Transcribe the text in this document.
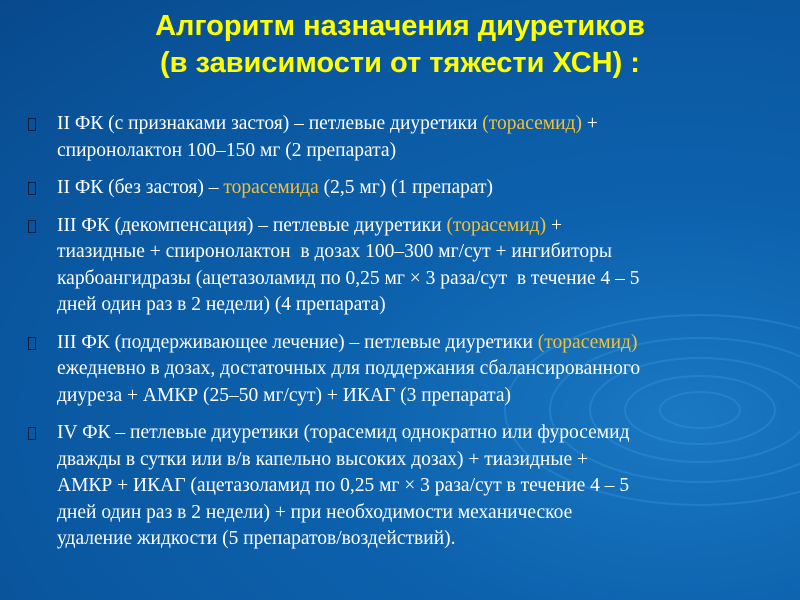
Алгоритм назначения диуретиков
(в зависимости от тяжести ХСН) :
II ФК (с признаками застоя) – петлевые диуретики (торасемид) +
спиронолактон 100–150 мг (2 препарата)
II ФК (без застоя) – торасемида (2,5 мг) (1 препарат)
III ФК (декомпенсация) – петлевые диуретики (торасемид) +
тиазидные + спиронолактон  в дозах 100–300 мг/сут + ингибиторы
карбоангидразы (ацетазоламид по 0,25 мг × 3 раза/сут  в течение 4 – 5
дней один раз в 2 недели) (4 препарата)
III ФК (поддерживающее лечение) – петлевые диуретики (торасемид)
ежедневно в дозах, достаточных для поддержания сбалансированного
диуреза + АМКР (25–50 мг/сут) + ИКАГ (3 препарата)
IV ФК – петлевые диуретики (торасемид однократно или фуросемид
дважды в сутки или в/в капельно высоких дозах) + тиазидные +
АМКР + ИКАГ (ацетазоламид по 0,25 мг × 3 раза/сут в течение 4 – 5
дней один раз в 2 недели) + при необходимости механическое
удаление жидкости (5 препаратов/воздействий).
